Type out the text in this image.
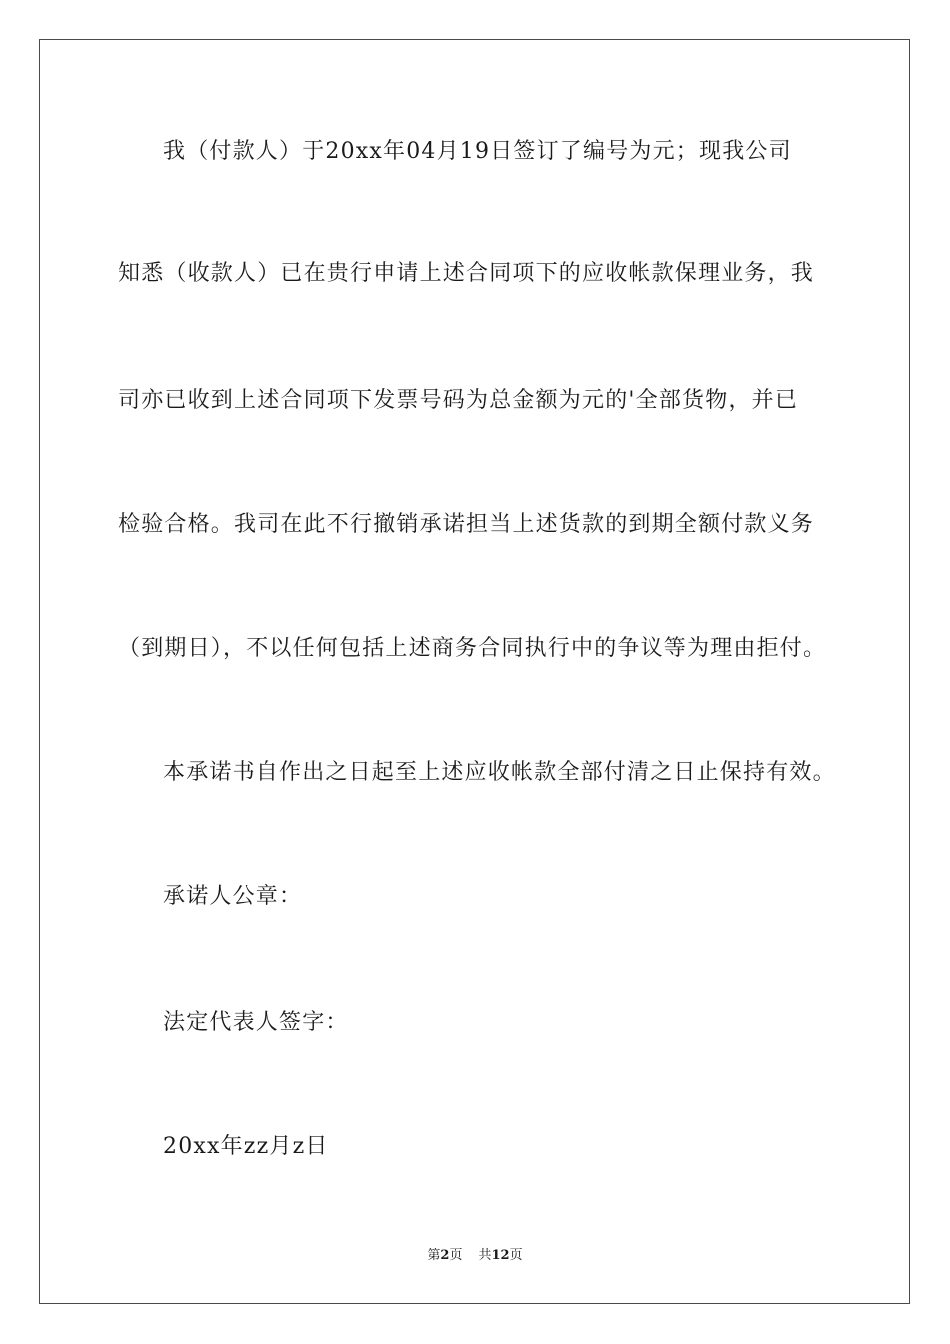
我（付款人）于20xx年04月19日签订了编号为元；现我公司
知悉（收款人）已在贵行申请上述合同项下的应收帐款保理业务，我
司亦已收到上述合同项下发票号码为总金额为元的'全部货物，并已
检验合格。我司在此不行撤销承诺担当上述货款的到期全额付款义务
（到期日），不以任何包括上述商务合同执行中的争议等为理由拒付。
本承诺书自作出之日起至上述应收帐款全部付清之日止保持有效。
承诺人公章：
法定代表人签字：
20xx年zz月z日
第2页 共12页
